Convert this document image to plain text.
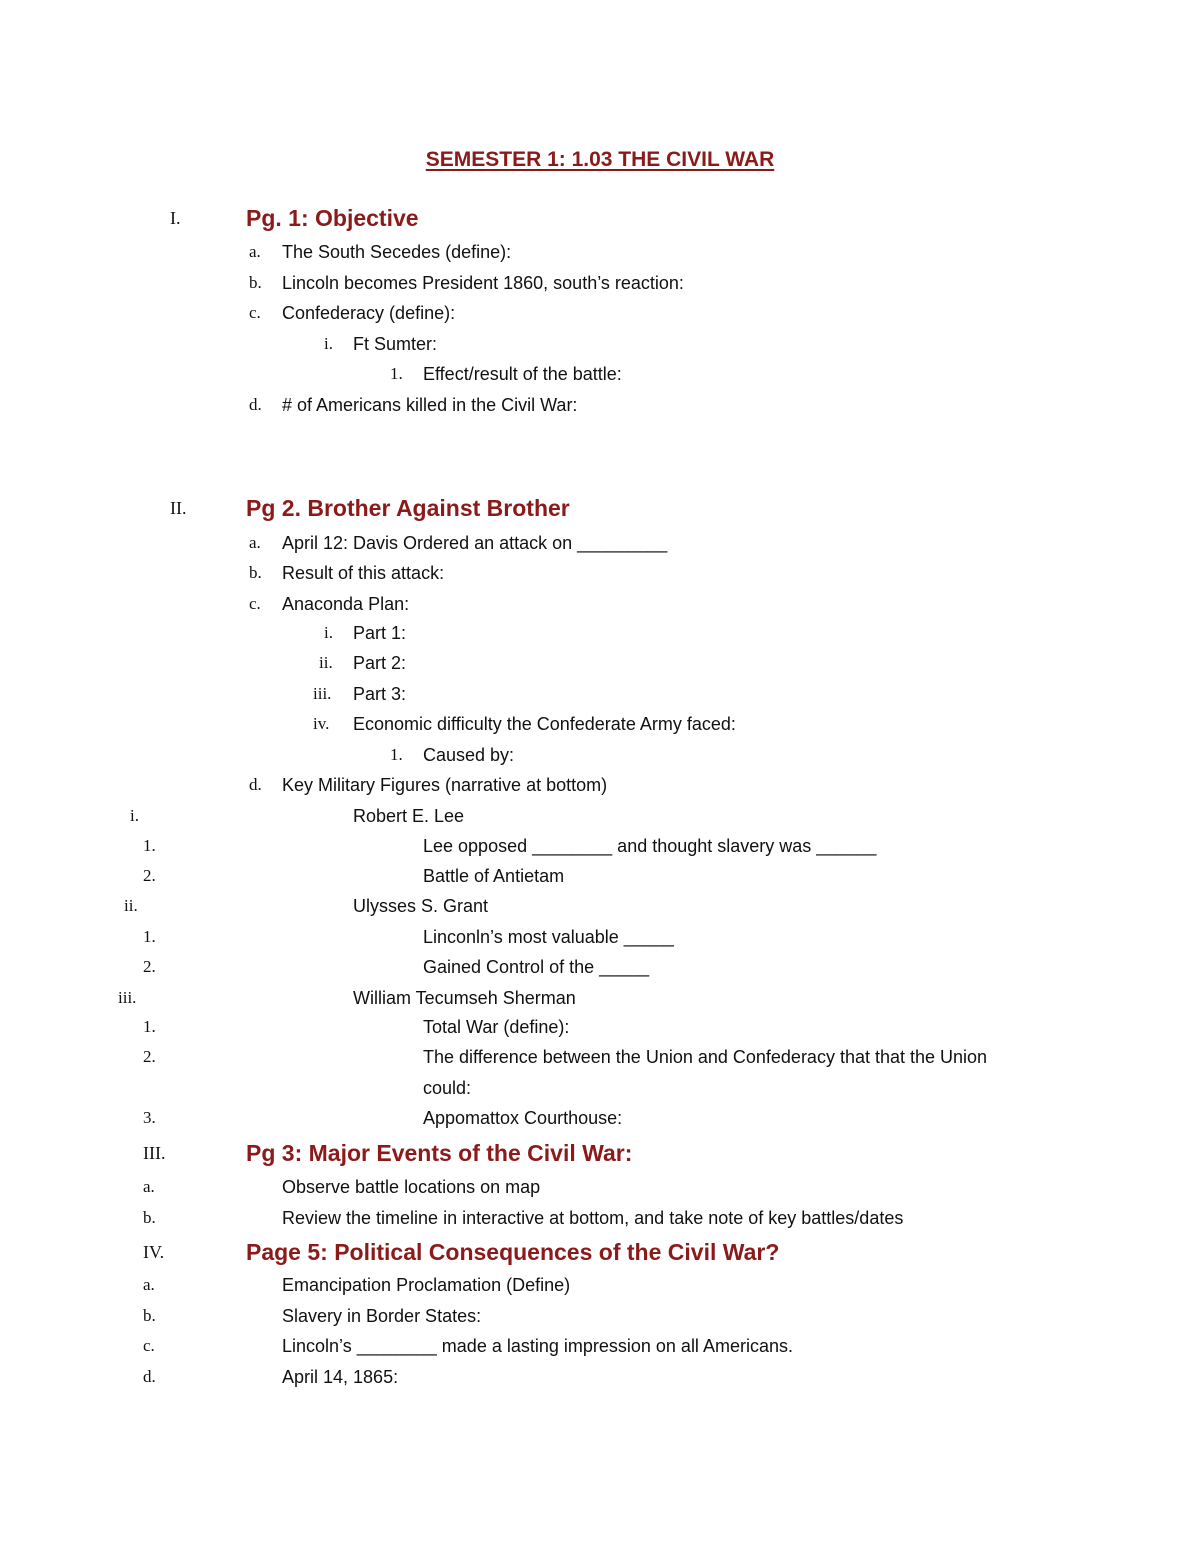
SEMESTER 1: 1.03 THE CIVIL WAR
I.	Pg. 1: Objective
a. The South Secedes (define):
b. Lincoln becomes President 1860, south’s reaction:
c. Confederacy (define):
i. Ft Sumter:
1. Effect/result of the battle:
d. # of Americans killed in the Civil War:
II.	Pg 2. Brother Against Brother
a. April 12: Davis Ordered an attack on _________
b. Result of this attack:
c. Anaconda Plan:
i. Part 1:
ii. Part 2:
iii. Part 3:
iv. Economic difficulty the Confederate Army faced:
1. Caused by:
d. Key Military Figures (narrative at bottom)
i.	Robert E. Lee
1.	Lee opposed ________ and thought slavery was ______
2.	Battle of Antietam
ii.	Ulysses S. Grant
1.	Linconln’s most valuable _____
2.	Gained Control of the _____
iii.	William Tecumseh Sherman
1.	Total War (define):
2.	The difference between the Union and Confederacy that that the Union
could:
3.	Appomattox Courthouse:
III.	Pg 3: Major Events of the Civil War:
a.	Observe battle locations on map
b.	Review the timeline in interactive at bottom, and take note of key battles/dates
IV.	Page 5: Political Consequences of the Civil War?
a.	Emancipation Proclamation (Define)
b.	Slavery in Border States:
c.	Lincoln’s ________ made a lasting impression on all Americans.
d.	April 14, 1865:
